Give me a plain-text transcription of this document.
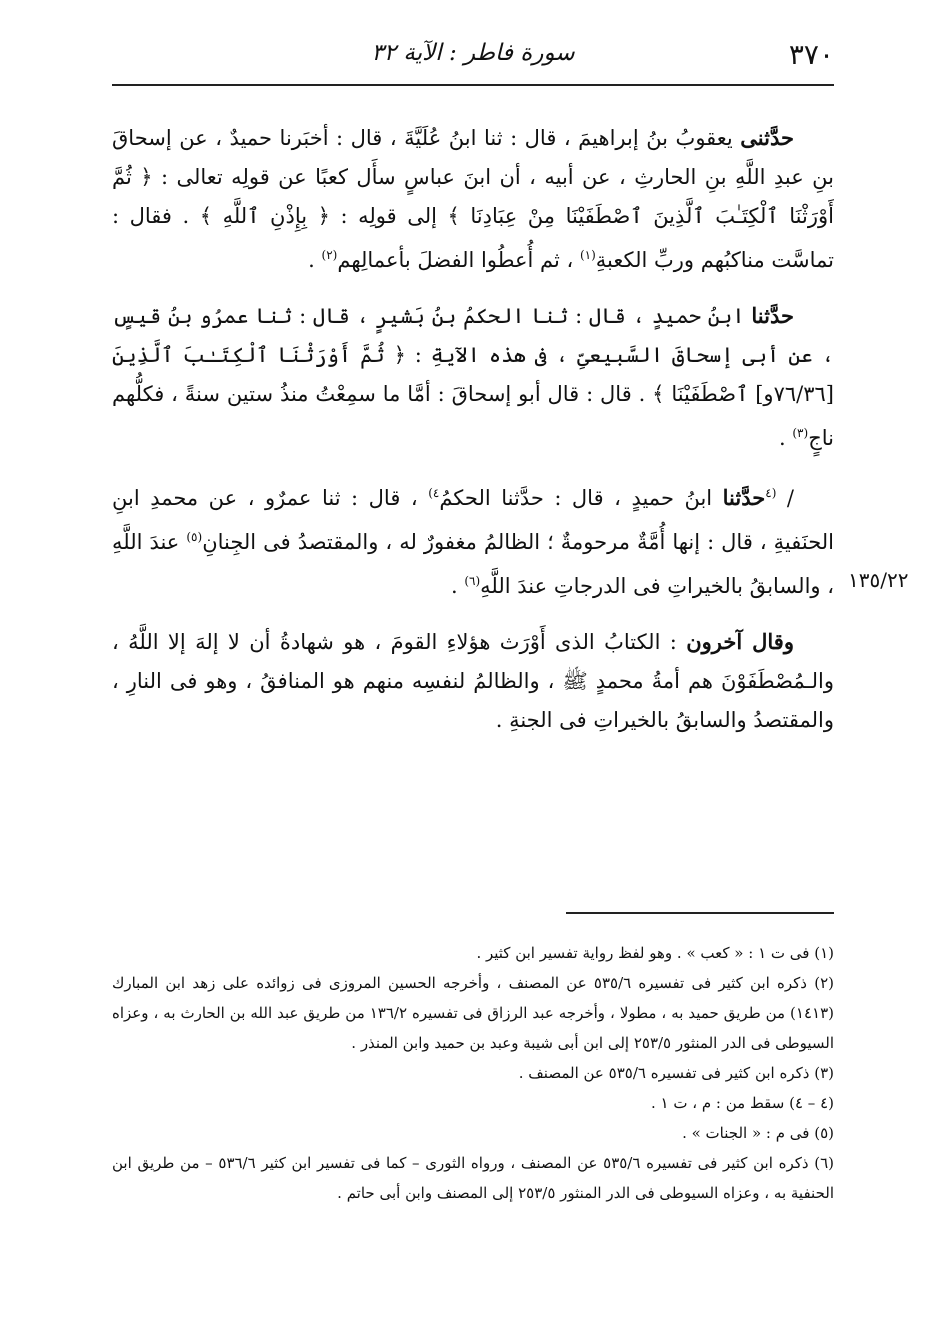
٣٧٠
سورة فاطر : الآية ٣٢
١٣٥/٢٢

حدَّثنى يعقوبُ بنُ إبراهيمَ ، قال : ثنا ابنُ عُلَيَّةَ ، قال : أخبَرنا حميدٌ ، عن إسحاقَ بنِ عبدِ اللَّهِ بنِ الحارثِ ، عن أبيه ، أن ابنَ عباسٍ سأَل كعبًا عن قولِه تعالى : ﴿ ثُمَّ أَوْرَثْنَا ٱلْكِتَـٰبَ ٱلَّذِينَ ٱصْطَفَيْنَا مِنْ عِبَادِنَا ﴾ إلى قولِه : ﴿ بِإِذْنِ ٱللَّهِ ﴾ . فقال : تماسَّت مناكبُهم وربِّ الكعبةِ$^{(١)}$ ، ثم أُعطُوا الفضلَ بأعمالِهم$^{(٢)}$ .

حدَّثنا ابنُ حميدٍ ، قال : ثنا الحكمُ بنُ بَشيرٍ ، قال : ثنا عمرُو بنُ قيسٍ ، عن أبى إسحاقَ السَّبيعىِّ ، فى هذه الآيةِ : ﴿ ثُمَّ أَوْرَثْنَا ٱلْكِتَـٰبَ ٱلَّذِينَ [٧٦/٣٦و] ٱصْطَفَيْنَا ﴾ . قال : قال أبو إسحاقَ : أمَّا ما سمِعْتُ منذُ ستين سنةً ، فكلُّهم ناجٍ$^{(٣)}$ .

/ $^{(٤}$حدَّثنا ابنُ حميدٍ ، قال : حدَّثنا الحكمُ$^{٤)}$ ، قال : ثنا عمرٌو ، عن محمدِ ابنِ الحنَفيةِ ، قال : إنها أُمَّةٌ مرحومةٌ ؛ الظالمُ مغفورٌ له ، والمقتصدُ فى الجِنانِ$^{(٥)}$ عندَ اللَّهِ ، والسابقُ بالخيراتِ فى الدرجاتِ عندَ اللَّهِ$^{(٦)}$ .

وقال آخرون : الكتابُ الذى أَوْرَث هؤلاءِ القومَ ، هو شهادةُ أن لا إلهَ إلا اللَّهُ ، والـمُصْطَفَوْنَ هم أمةُ محمدٍ ﷺ ، والظالمُ لنفسِه منهم هو المنافقُ ، وهو فى النارِ ، والمقتصدُ والسابقُ بالخيراتِ فى الجنةِ .

(١) فى ت ١ : « كعب » . وهو لفظ رواية تفسير ابن كثير .

(٢) ذكره ابن كثير فى تفسيره ٥٣٥/٦ عن المصنف ، وأخرجه الحسين المروزى فى زوائده على زهد ابن المبارك (١٤١٣) من طريق حميد به ، مطولا ، وأخرجه عبد الرزاق فى تفسيره ١٣٦/٢ من طريق عبد الله بن الحارث به ، وعزاه السيوطى فى الدر المنثور ٢٥٣/٥ إلى ابن أبى شيبة وعبد بن حميد وابن المنذر .

(٣) ذكره ابن كثير فى تفسيره ٥٣٥/٦ عن المصنف .

(٤ – ٤) سقط من : م ، ت ١ .

(٥) فى م : « الجنات » .

(٦) ذكره ابن كثير فى تفسيره ٥٣٥/٦ عن المصنف ، ورواه الثورى – كما فى تفسير ابن كثير ٥٣٦/٦ – من طريق ابن الحنفية به ، وعزاه السيوطى فى الدر المنثور ٢٥٣/٥ إلى المصنف وابن أبى حاتم .
